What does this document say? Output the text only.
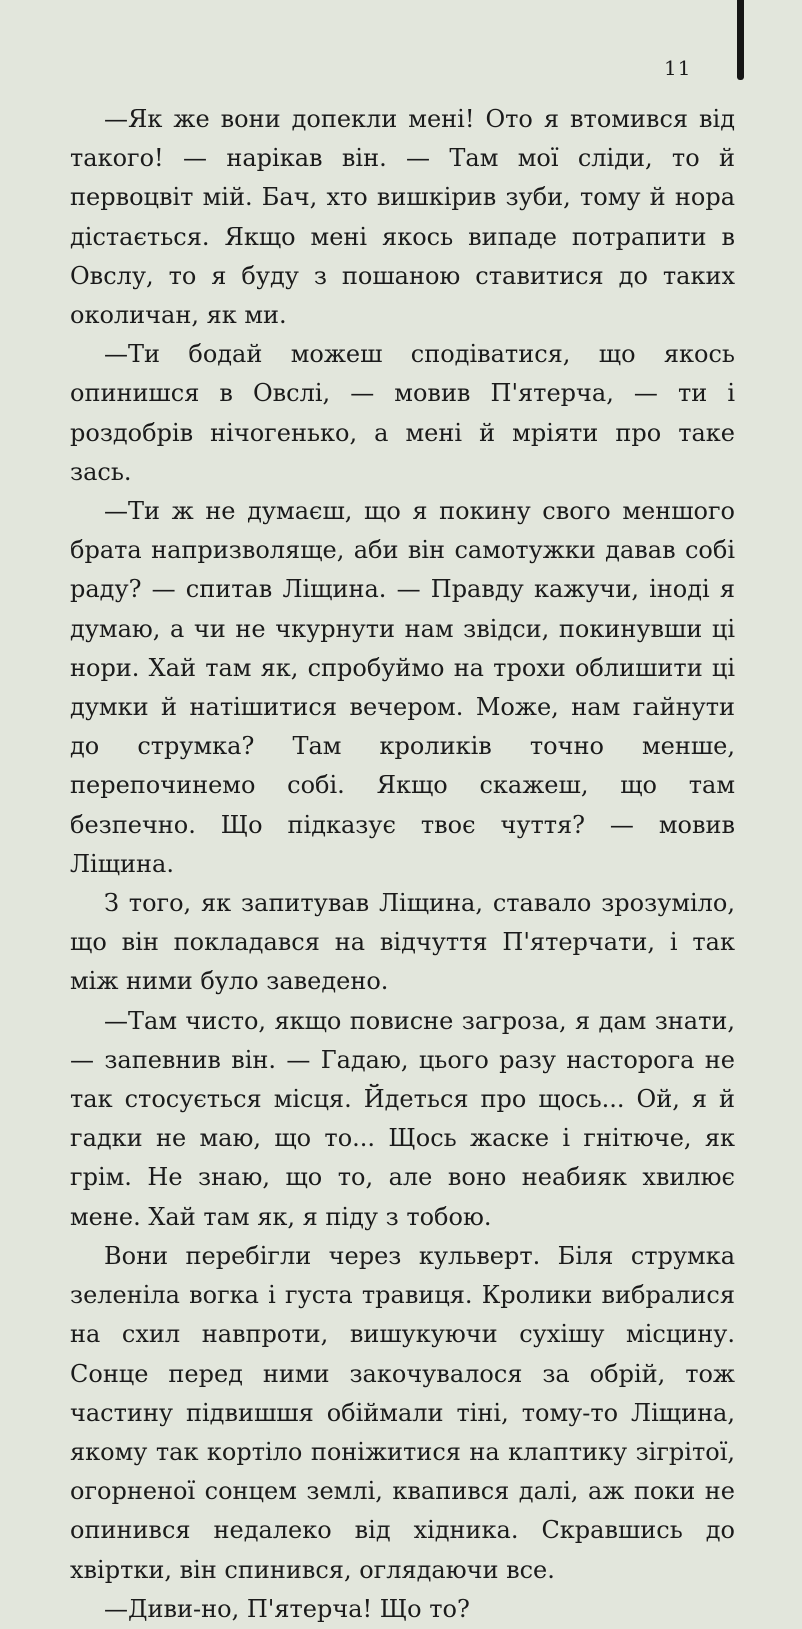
11

—Як же вони допекли мені! Ото я втомився від такого! — нарікав він. — Там мої сліди, то й первоцвіт мій. Бач, хто вишкірив зуби, тому й нора дістається. Якщо мені якось випаде потрапити в Овслу, то я буду з пошаною ставитися до таких околичан, як ми.

—Ти бодай можеш сподіватися, що якось опинишся в Овслі, — мовив П'ятерча, — ти і роздобрів нічогенько, а мені й мріяти про таке зась.

—Ти ж не думаєш, що я покину свого меншого брата напризволяще, аби він самотужки давав собі раду? — спитав Ліщина. — Правду кажучи, іноді я думаю, а чи не чкурнути нам звідси, покинувши ці нори. Хай там як, спробуймо на трохи облишити ці думки й натішитися вечером. Може, нам гайнути до струмка? Там кроликів точно менше, перепочинемо собі. Якщо скажеш, що там безпечно. Що підказує твоє чуття? — мовив Ліщина.

З того, як запитував Ліщина, ставало зрозуміло, що він покладався на відчуття П'ятерчати, і так між ними було заведено.

—Там чисто, якщо повисне загроза, я дам знати, — запевнив він. — Гадаю, цього разу насторога не так стосується місця. Йдеться про щось... Ой, я й гадки не маю, що то... Щось жаске і гнітюче, як грім. Не знаю, що то, але воно неабияк хвилює мене. Хай там як, я піду з тобою.

Вони перебігли через кульверт. Біля струмка зеленіла вогка і густа травиця. Кролики вибралися на схил навпроти, вишукуючи сухішу місцину. Сонце перед ними закочувалося за обрій, тож частину підвишшя обіймали тіні, тому-то Ліщина, якому так кортіло поніжитися на клаптику зігрітої, огорненої сонцем землі, квапився далі, аж поки не опинився недалеко від хідника. Скравшись до хвіртки, він спинився, оглядаючи все.

—Диви-но, П'ятерча! Що то?
